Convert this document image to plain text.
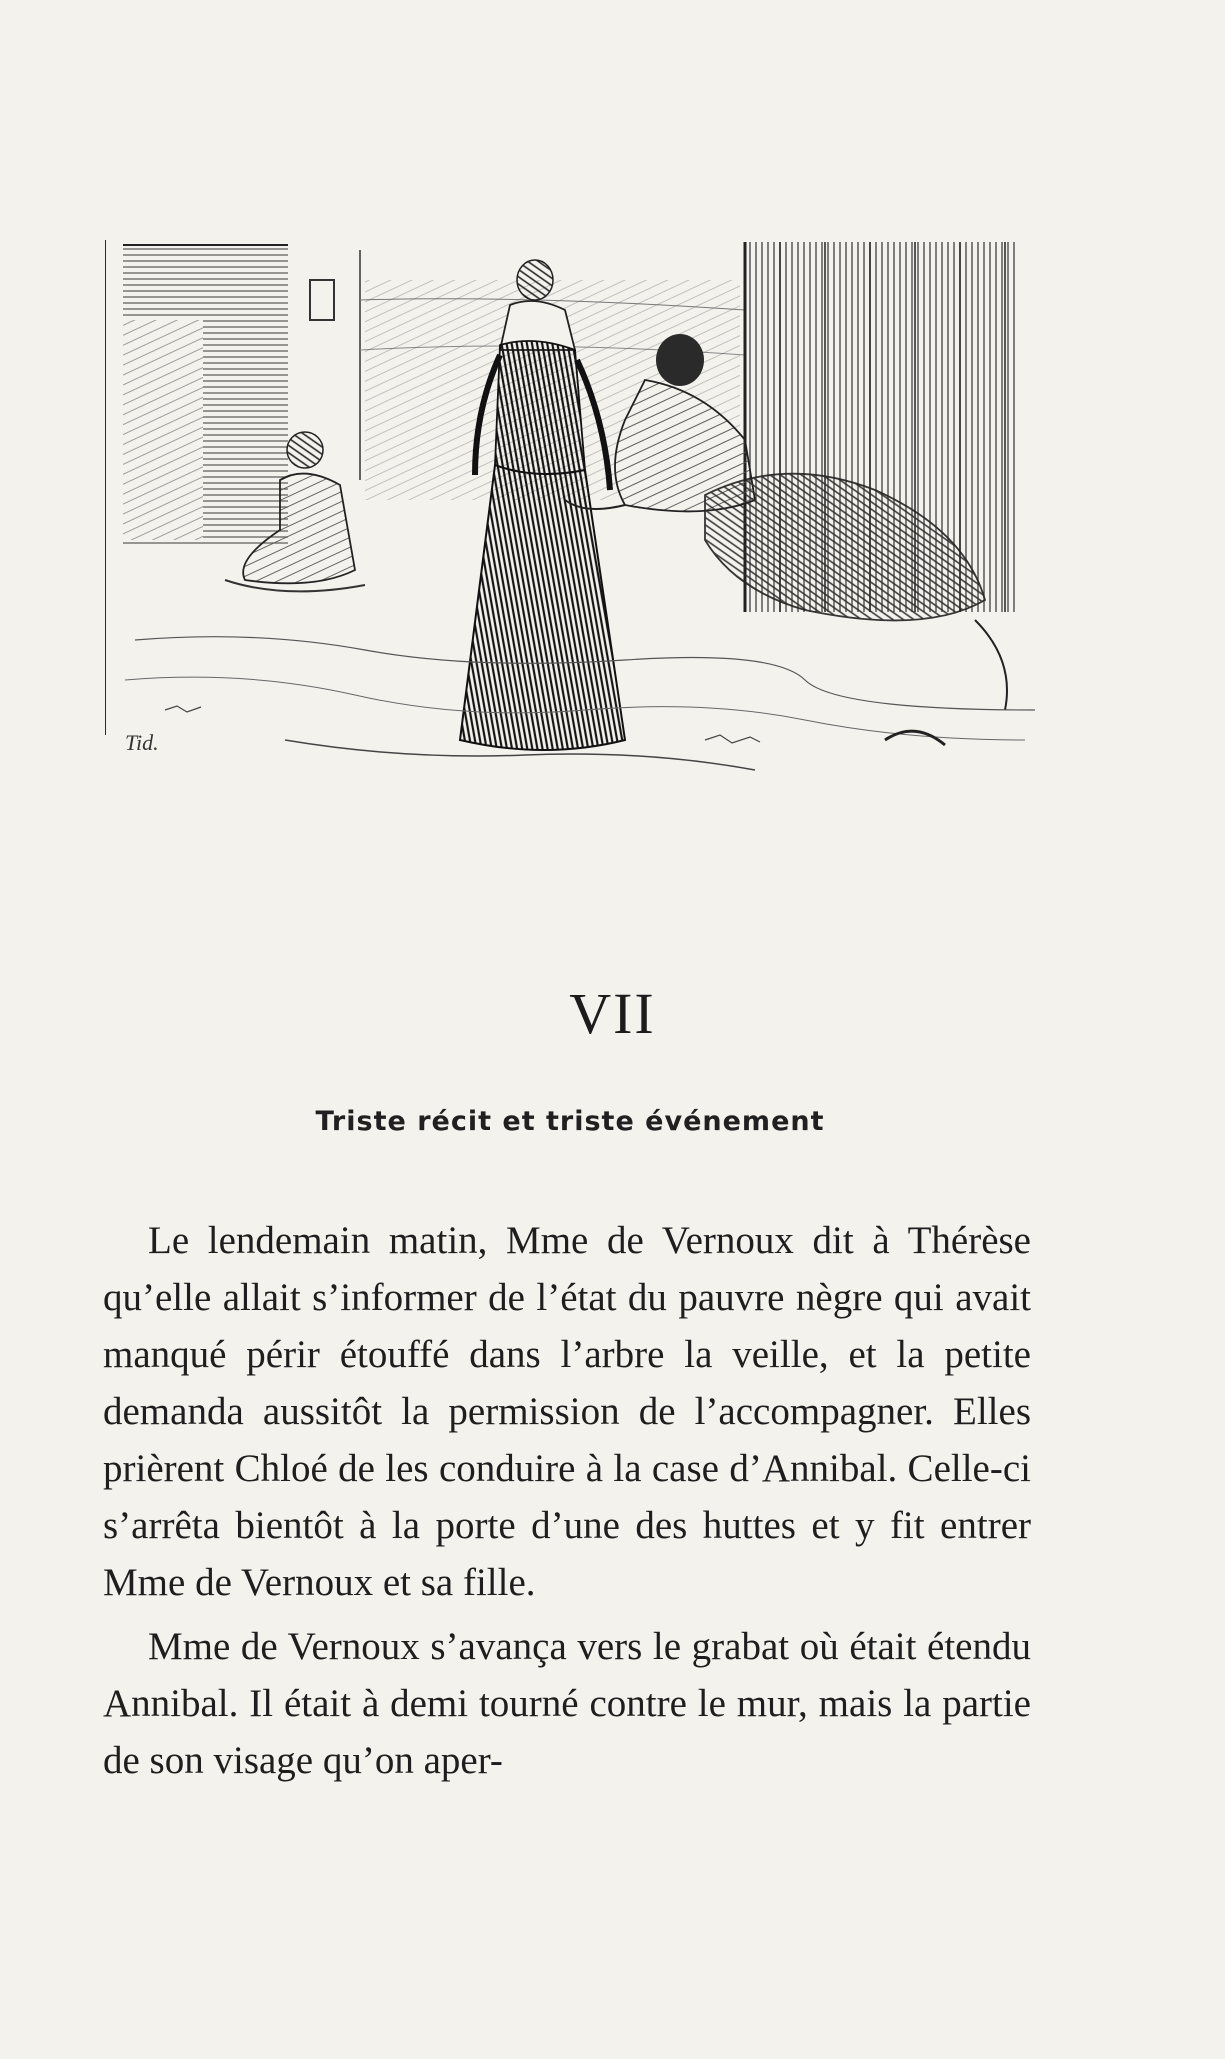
Tid.
VII
Triste récit et triste événement

Le lendemain matin, Mme de Vernoux dit à Thérèse qu’elle allait s’informer de l’état du pauvre nègre qui avait manqué périr étouffé dans l’arbre la veille, et la petite demanda aussitôt la permission de l’accompagner. Elles prièrent Chloé de les conduire à la case d’Annibal. Celle-ci s’arrêta bientôt à la porte d’une des huttes et y fit entrer Mme de Vernoux et sa fille.

Mme de Vernoux s’avança vers le grabat où était étendu Annibal. Il était à demi tourné contre le mur, mais la partie de son visage qu’on aper-
